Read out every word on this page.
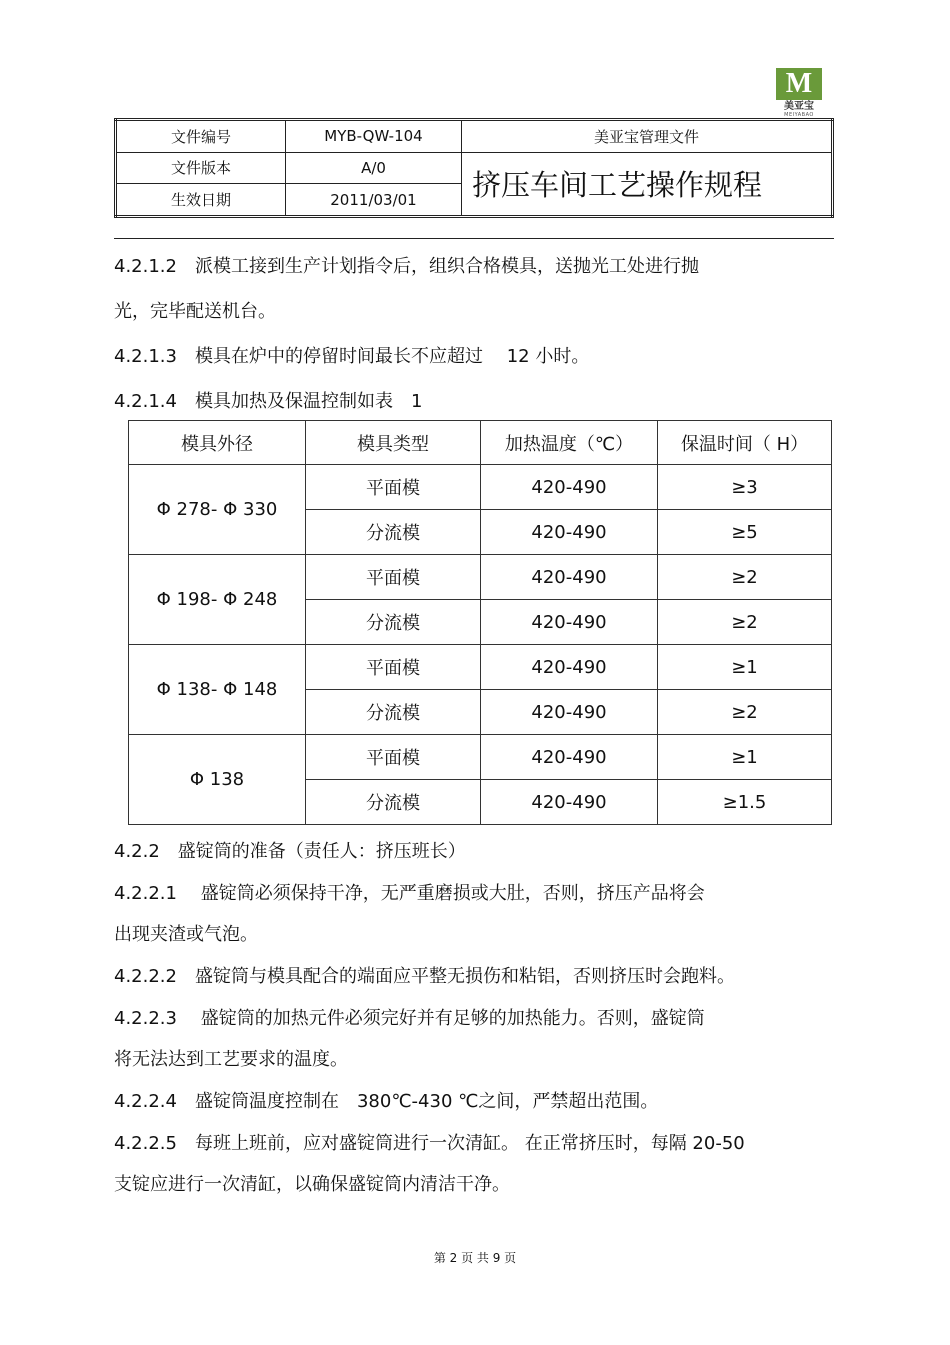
M
美亚宝
MEIYABAO
文件编号	MYB-QW-104	美亚宝管理文件
文件版本	A/0	挤压车间工艺操作规程
生效日期	2011/03/01	
4.2.1.2　派模工接到生产计划指令后，组织合格模具，送抛光工处进行抛
光，完毕配送机台。
4.2.1.3　模具在炉中的停留时间最长不应超过　 12 小时。
4.2.1.4　模具加热及保温控制如表　1
模具外径	模具类型	加热温度（℃）	保温时间（ H）
Φ 278- Φ 330	平面模	420-490	≥3
	分流模	420-490	≥5
Φ 198- Φ 248	平面模	420-490	≥2
	分流模	420-490	≥2
Φ 138- Φ 148	平面模	420-490	≥1
	分流模	420-490	≥2
Φ 138	平面模	420-490	≥1
	分流模	420-490	≥1.5
4.2.2　盛锭筒的准备（责任人：挤压班长）
4.2.2.1　 盛锭筒必须保持干净，无严重磨损或大肚，否则，挤压产品将会
出现夹渣或气泡。
4.2.2.2　盛锭筒与模具配合的端面应平整无损伤和粘铝，否则挤压时会跑料。
4.2.2.3　 盛锭筒的加热元件必须完好并有足够的加热能力。否则，盛锭筒
将无法达到工艺要求的温度。
4.2.2.4　盛锭筒温度控制在　380℃-430 ℃之间，严禁超出范围。
4.2.2.5　每班上班前，应对盛锭筒进行一次清缸。 在正常挤压时，每隔 20-50
支锭应进行一次清缸，以确保盛锭筒内清洁干净。
第 2 页 共 9 页
